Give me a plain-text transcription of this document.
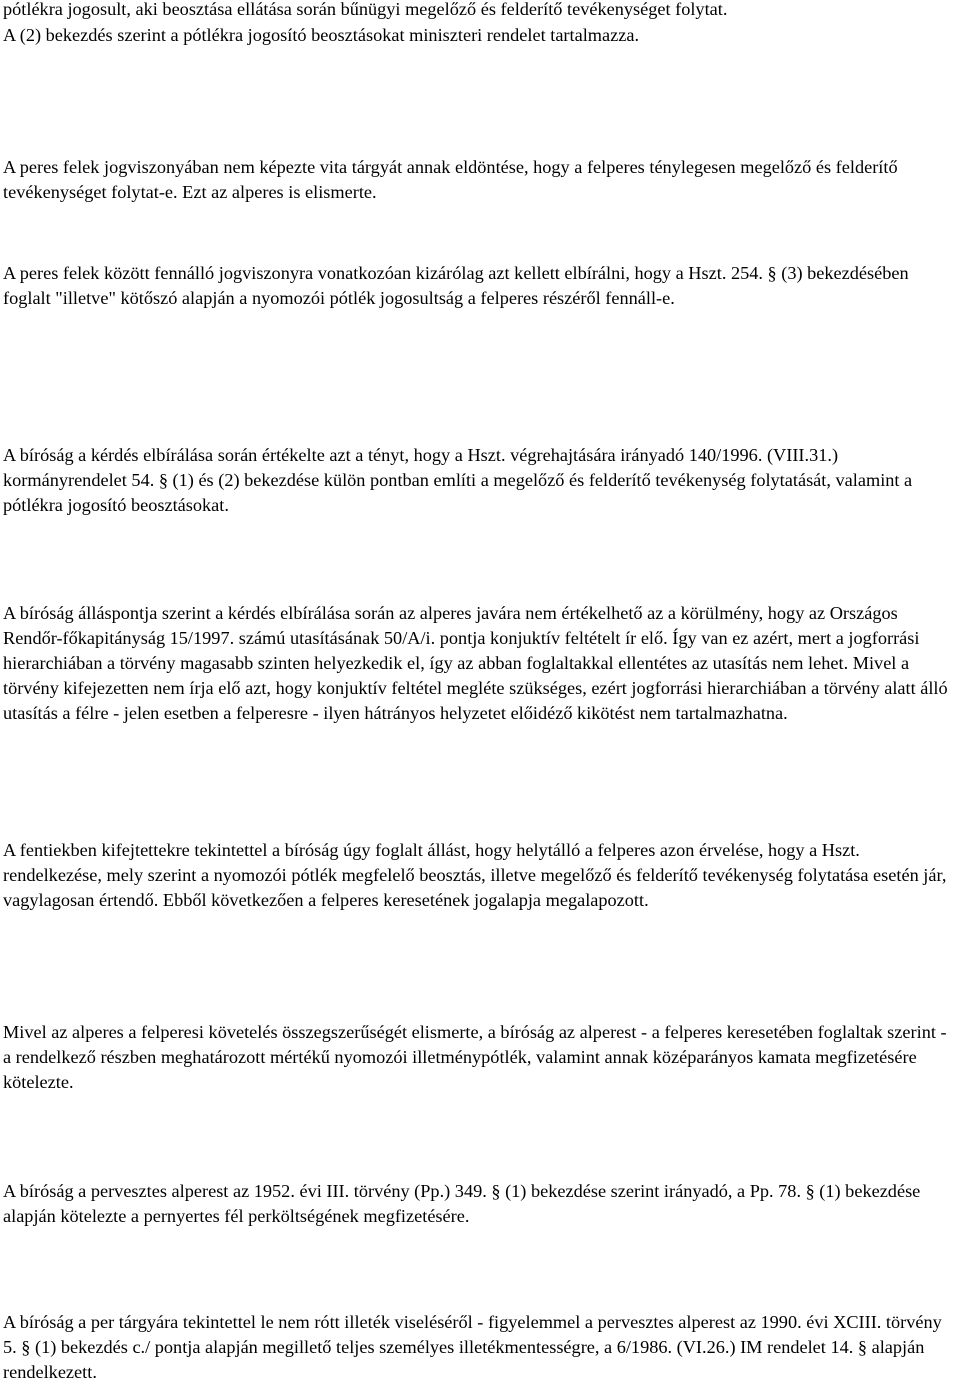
pótlékra jogosult, aki beosztása ellátása során bűnügyi megelőző és felderítő tevékenységet folytat.

A (2) bekezdés szerint a pótlékra jogosító beosztásokat miniszteri rendelet tartalmazza.

A peres felek jogviszonyában nem képezte vita tárgyát annak eldöntése, hogy a felperes ténylegesen megelőző és felderítő tevékenységet folytat-e. Ezt az alperes is elismerte.

A peres felek között fennálló jogviszonyra vonatkozóan kizárólag azt kellett elbírálni, hogy a Hszt. 254. § (3) bekezdésében foglalt "illetve" kötőszó alapján a nyomozói pótlék jogosultság a felperes részéről fennáll-e.

A bíróság a kérdés elbírálása során értékelte azt a tényt, hogy a Hszt. végrehajtására irányadó 140/1996. (VIII.31.) kormányrendelet 54. § (1) és (2) bekezdése külön pontban említi a megelőző és felderítő tevékenység folytatását, valamint a pótlékra jogosító beosztásokat.

A bíróság álláspontja szerint a kérdés elbírálása során az alperes javára nem értékelhető az a körülmény, hogy az Országos Rendőr-főkapitányság 15/1997. számú utasításának 50/A/i. pontja konjuktív feltételt ír elő. Így van ez azért, mert a jogforrási hierarchiában a törvény magasabb szinten helyezkedik el, így az abban foglaltakkal ellentétes az utasítás nem lehet. Mivel a törvény kifejezetten nem írja elő azt, hogy konjuktív feltétel megléte szükséges, ezért jogforrási hierarchiában a törvény alatt álló utasítás a félre - jelen esetben a felperesre - ilyen hátrányos helyzetet előidéző kikötést nem tartalmazhatna.

A fentiekben kifejtettekre tekintettel a bíróság úgy foglalt állást, hogy helytálló a felperes azon érvelése, hogy a Hszt. rendelkezése, mely szerint a nyomozói pótlék megfelelő beosztás, illetve megelőző és felderítő tevékenység folytatása esetén jár, vagylagosan értendő. Ebből következően a felperes keresetének jogalapja megalapozott.

Mivel az alperes a felperesi követelés összegszerűségét elismerte, a bíróság az alperest - a felperes keresetében foglaltak szerint - a rendelkező részben meghatározott mértékű nyomozói illetménypótlék, valamint annak középarányos kamata megfizetésére kötelezte.

A bíróság a pervesztes alperest az 1952. évi III. törvény (Pp.) 349. § (1) bekezdése szerint irányadó, a Pp. 78. § (1) bekezdése alapján kötelezte a pernyertes fél perköltségének megfizetésére.

A bíróság a per tárgyára tekintettel le nem rótt illeték viseléséről - figyelemmel a pervesztes alperest az 1990. évi XCIII. törvény 5. § (1) bekezdés c./ pontja alapján megillető teljes személyes illetékmentességre, a 6/1986. (VI.26.) IM rendelet 14. § alapján rendelkezett.
